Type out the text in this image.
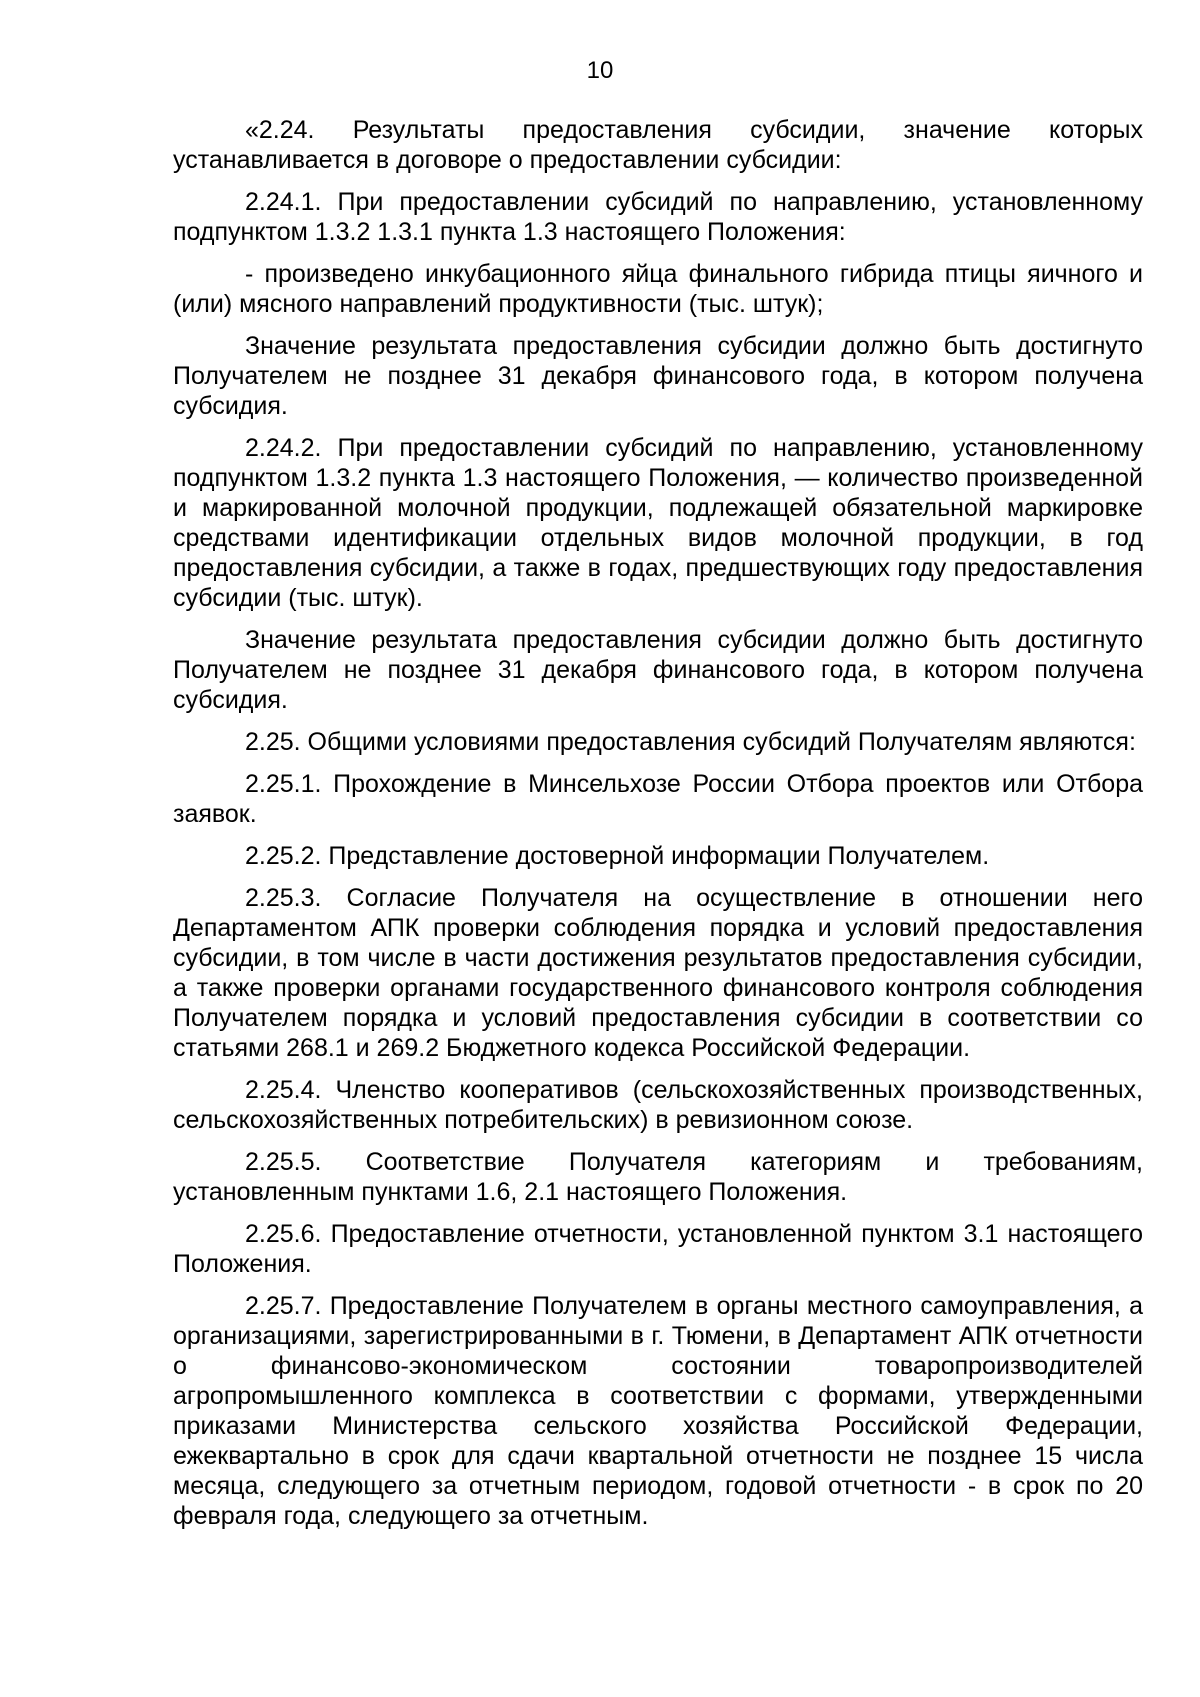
10

«2.24. Результаты предоставления субсидии, значение которых устанавливается в договоре о предоставлении субсидии:

2.24.1. При предоставлении субсидий по направлению, установленному подпунктом 1.3.2 1.3.1 пункта 1.3 настоящего Положения:

- произведено инкубационного яйца финального гибрида птицы яичного и (или) мясного направлений продуктивности (тыс. штук);

Значение результата предоставления субсидии должно быть достигнуто Получателем не позднее 31 декабря финансового года, в котором получена субсидия.

2.24.2. При предоставлении субсидий по направлению, установленному подпунктом 1.3.2 пункта 1.3 настоящего Положения, — количество произведенной и маркированной молочной продукции, подлежащей обязательной маркировке средствами идентификации отдельных видов молочной продукции, в год предоставления субсидии, а также в годах, предшествующих году предоставления субсидии (тыс. штук).

Значение результата предоставления субсидии должно быть достигнуто Получателем не позднее 31 декабря финансового года, в котором получена субсидия.

2.25. Общими условиями предоставления субсидий Получателям являются:

2.25.1. Прохождение в Минсельхозе России Отбора проектов или Отбора заявок.

2.25.2. Представление достоверной информации Получателем.

2.25.3. Согласие Получателя на осуществление в отношении него Департаментом АПК проверки соблюдения порядка и условий предоставления субсидии, в том числе в части достижения результатов предоставления субсидии, а также проверки органами государственного финансового контроля соблюдения Получателем порядка и условий предоставления субсидии в соответствии со статьями 268.1 и 269.2 Бюджетного кодекса Российской Федерации.

2.25.4. Членство кооперативов (сельскохозяйственных производственных, сельскохозяйственных потребительских) в ревизионном союзе.

2.25.5. Соответствие Получателя категориям и требованиям, установленным пунктами 1.6, 2.1 настоящего Положения.

2.25.6. Предоставление отчетности, установленной пунктом 3.1 настоящего Положения.

2.25.7. Предоставление Получателем в органы местного самоуправления, а организациями, зарегистрированными в г. Тюмени, в Департамент АПК отчетности о финансово-экономическом состоянии товаропроизводителей агропромышленного комплекса в соответствии с формами, утвержденными приказами Министерства сельского хозяйства Российской Федерации, ежеквартально в срок для сдачи квартальной отчетности не позднее 15 числа месяца, следующего за отчетным периодом, годовой отчетности - в срок по 20 февраля года, следующего за отчетным.
